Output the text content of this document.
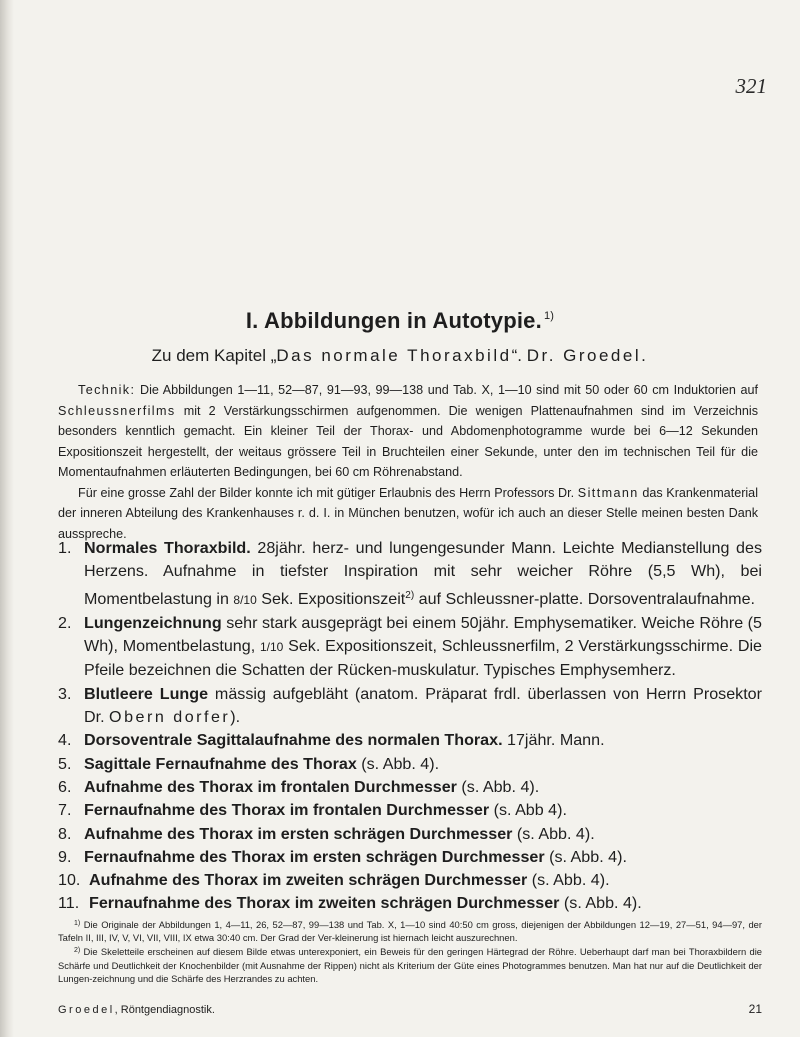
321
I. Abbildungen in Autotypie. $^{1)}$
Zu dem Kapitel „Das normale Thoraxbild“. Dr. Groedel.

Technik: Die Abbildungen 1—11, 52—87, 91—93, 99—138 und Tab. X, 1—10 sind mit 50 oder 60 cm Induktorien auf Schleussnerfilms mit 2 Verstärkungsschirmen aufgenommen. Die wenigen Plattenaufnahmen sind im Verzeichnis besonders kenntlich gemacht. Ein kleiner Teil der Thorax- und Abdomenphotogramme wurde bei 6—12 Sekunden Expositionszeit hergestellt, der weitaus grössere Teil in Bruchteilen einer Sekunde, unter den im technischen Teil für die Momentaufnahmen erläuterten Bedingungen, bei 60 cm Röhrenabstand.

Für eine grosse Zahl der Bilder konnte ich mit gütiger Erlaubnis des Herrn Professors Dr. Sittmann das Krankenmaterial der inneren Abteilung des Krankenhauses r. d. I. in München benutzen, wofür ich auch an dieser Stelle meinen besten Dank ausspreche.

1. Normales Thoraxbild. 28jähr. herz- und lungengesunder Mann. Leichte Medianstellung des Herzens. Aufnahme in tiefster Inspiration mit sehr weicher Röhre (5,5 Wh), bei Momentbelastung in 8/10 Sek. Expositionszeit$^{2)}$ auf Schleussner-platte. Dorsoventralaufnahme.
2. Lungenzeichnung sehr stark ausgeprägt bei einem 50jähr. Emphysematiker. Weiche Röhre (5 Wh), Momentbelastung, 1/10 Sek. Expositionszeit, Schleussnerfilm, 2 Verstärkungsschirme. Die Pfeile bezeichnen die Schatten der Rücken-muskulatur. Typisches Emphysemherz.
3. Blutleere Lunge mässig aufgebläht (anatom. Präparat frdl. überlassen von Herrn Prosektor Dr. Obern dorfer).
4. Dorsoventrale Sagittalaufnahme des normalen Thorax. 17jähr. Mann.
5. Sagittale Fernaufnahme des Thorax (s. Abb. 4).
6. Aufnahme des Thorax im frontalen Durchmesser (s. Abb. 4).
7. Fernaufnahme des Thorax im frontalen Durchmesser (s. Abb 4).
8. Aufnahme des Thorax im ersten schrägen Durchmesser (s. Abb. 4).
9. Fernaufnahme des Thorax im ersten schrägen Durchmesser (s. Abb. 4).
10. Aufnahme des Thorax im zweiten schrägen Durchmesser (s. Abb. 4).
11. Fernaufnahme des Thorax im zweiten schrägen Durchmesser (s. Abb. 4).

$^{1)}$ Die Originale der Abbildungen 1, 4—11, 26, 52—87, 99—138 und Tab. X, 1—10 sind 40:50 cm gross, diejenigen der Abbildungen 12—19, 27—51, 94—97, der Tafeln II, III, IV, V, VI, VII, VIII, IX etwa 30:40 cm. Der Grad der Ver-kleinerung ist hiernach leicht auszurechnen.

$^{2)}$ Die Skeletteile erscheinen auf diesem Bilde etwas unterexponiert, ein Beweis für den geringen Härtegrad der Röhre. Ueberhaupt darf man bei Thoraxbildern die Schärfe und Deutlichkeit der Knochenbilder (mit Ausnahme der Rippen) nicht als Kriterium der Güte eines Photogrammes benutzen. Man hat nur auf die Deutlichkeit der Lungen-zeichnung und die Schärfe des Herzrandes zu achten.

Groedel, Röntgendiagnostik.	21
